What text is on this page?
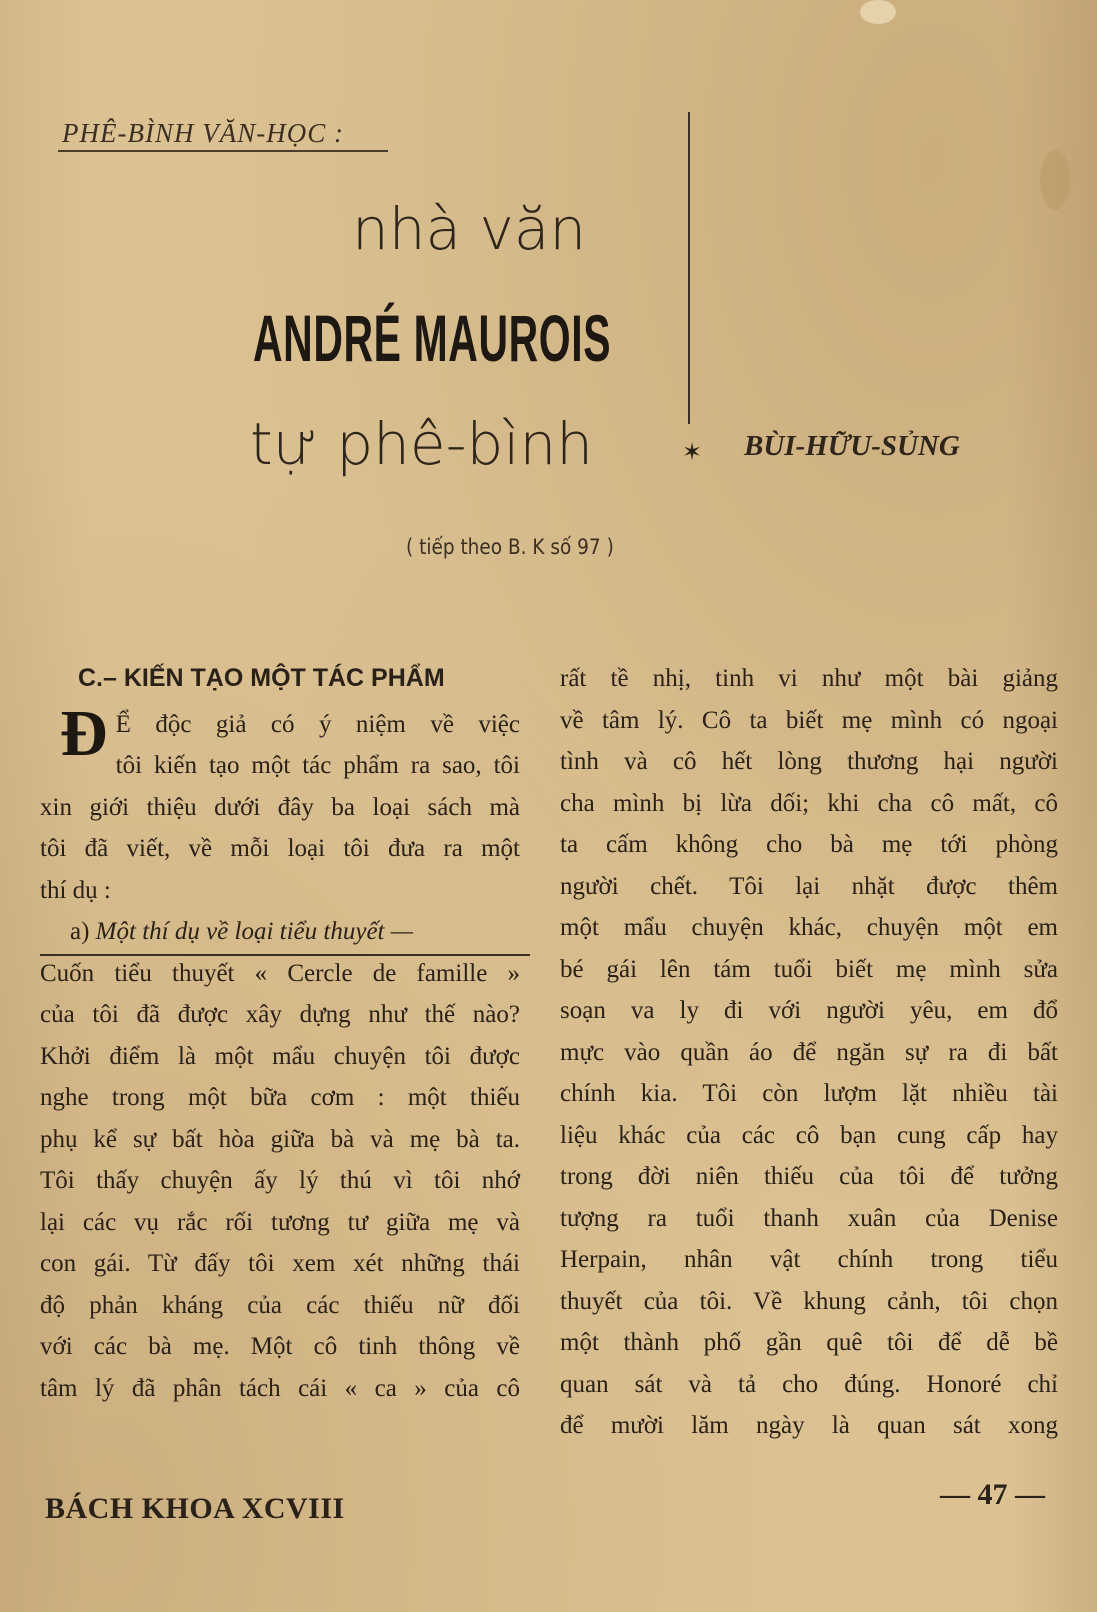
PHÊ-BÌNH VĂN-HỌC :
nhà văn
ANDRÉ MAUROIS
tự phê-bình	✶ BÙI-HỮU-SỦNG
( tiếp theo B. K số 97 )
C.– KIẾN TẠO MỘT TÁC PHẨM
Đ Ể độc giả có ý niệm về việc
tôi kiến tạo một tác phẩm ra sao, tôi
xin giới thiệu dưới đây ba loại sách mà
tôi đã viết, về mỗi loại tôi đưa ra một
thí dụ :
a) Một thí dụ về loại tiểu thuyết —
Cuốn tiểu thuyết « Cercle de famille »
của tôi đã được xây dựng như thế nào?
Khởi điểm là một mẩu chuyện tôi được
nghe trong một bữa cơm : một thiếu
phụ kể sự bất hòa giữa bà và mẹ bà ta.
Tôi thấy chuyện ấy lý thú vì tôi nhớ
lại các vụ rắc rối tương tư giữa mẹ và
con gái. Từ đấy tôi xem xét những thái
độ phản kháng của các thiếu nữ đối
với các bà mẹ. Một cô tinh thông về
tâm lý đã phân tách cái « ca » của cô
rất tề nhị, tinh vi như một bài giảng
về tâm lý. Cô ta biết mẹ mình có ngoại
tình và cô hết lòng thương hại người
cha mình bị lừa dối; khi cha cô mất, cô
ta cấm không cho bà mẹ tới phòng
người chết. Tôi lại nhặt được thêm
một mẩu chuyện khác, chuyện một em
bé gái lên tám tuổi biết mẹ mình sửa
soạn va ly đi với người yêu, em đổ
mực vào quần áo để ngăn sự ra đi bất
chính kia. Tôi còn lượm lặt nhiều tài
liệu khác của các cô bạn cung cấp hay
trong đời niên thiếu của tôi để tưởng
tượng ra tuổi thanh xuân của Denise
Herpain, nhân vật chính trong tiểu
thuyết của tôi. Về khung cảnh, tôi chọn
một thành phố gần quê tôi để dễ bề
quan sát và tả cho đúng. Honoré chỉ
để mười lăm ngày là quan sát xong
BÁCH KHOA XCVIII	— 47 —
